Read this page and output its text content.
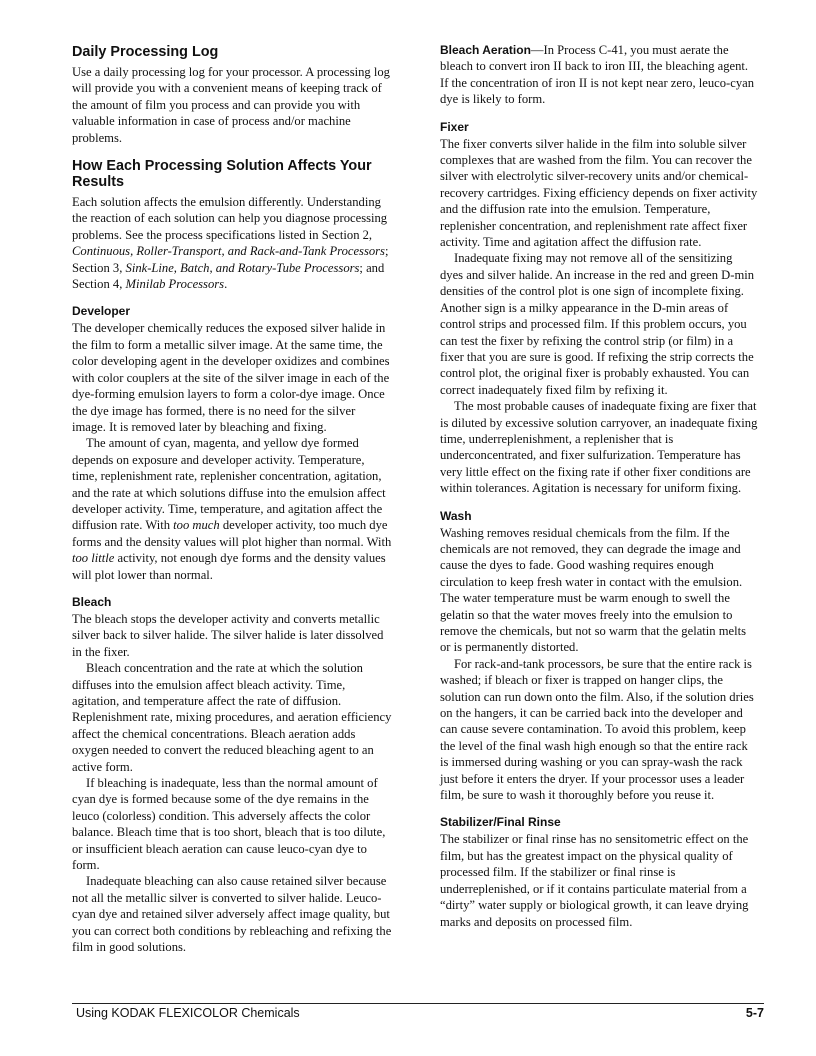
Daily Processing Log

Use a daily processing log for your processor. A processing log will provide you with a convenient means of keeping track of the amount of film you process and can provide you with valuable information in case of process and/or machine problems.

How Each Processing Solution Affects Your Results

Each solution affects the emulsion differently. Understanding the reaction of each solution can help you diagnose processing problems. See the process specifications listed in Section 2, Continuous, Roller-Transport, and Rack-and-Tank Processors; Section 3, Sink-Line, Batch, and Rotary-Tube Processors; and Section 4, Minilab Processors.

Developer

The developer chemically reduces the exposed silver halide in the film to form a metallic silver image. At the same time, the color developing agent in the developer oxidizes and combines with color couplers at the site of the silver image in each of the dye-forming emulsion layers to form a color-dye image. Once the dye image has formed, there is no need for the silver image. It is removed later by bleaching and fixing.

The amount of cyan, magenta, and yellow dye formed depends on exposure and developer activity. Temperature, time, replenishment rate, replenisher concentration, agitation, and the rate at which solutions diffuse into the emulsion affect developer activity. Time, temperature, and agitation affect the diffusion rate. With too much developer activity, too much dye forms and the density values will plot higher than normal. With too little activity, not enough dye forms and the density values will plot lower than normal.

Bleach

The bleach stops the developer activity and converts metallic silver back to silver halide. The silver halide is later dissolved in the fixer.

Bleach concentration and the rate at which the solution diffuses into the emulsion affect bleach activity. Time, agitation, and temperature affect the rate of diffusion. Replenishment rate, mixing procedures, and aeration efficiency affect the chemical concentrations. Bleach aeration adds oxygen needed to convert the reduced bleaching agent to an active form.

If bleaching is inadequate, less than the normal amount of cyan dye is formed because some of the dye remains in the leuco (colorless) condition. This adversely affects the color balance. Bleach time that is too short, bleach that is too dilute, or insufficient bleach aeration can cause leuco-cyan dye to form.

Inadequate bleaching can also cause retained silver because not all the metallic silver is converted to silver halide. Leuco-cyan dye and retained silver adversely affect image quality, but you can correct both conditions by rebleaching and refixing the film in good solutions.

Bleach Aeration—In Process C-41, you must aerate the bleach to convert iron II back to iron III, the bleaching agent. If the concentration of iron II is not kept near zero, leuco-cyan dye is likely to form.

Fixer

The fixer converts silver halide in the film into soluble silver complexes that are washed from the film. You can recover the silver with electrolytic silver-recovery units and/or chemical-recovery cartridges. Fixing efficiency depends on fixer activity and the diffusion rate into the emulsion. Temperature, replenisher concentration, and replenishment rate affect fixer activity. Time and agitation affect the diffusion rate.

Inadequate fixing may not remove all of the sensitizing dyes and silver halide. An increase in the red and green D-min densities of the control plot is one sign of incomplete fixing. Another sign is a milky appearance in the D-min areas of control strips and processed film. If this problem occurs, you can test the fixer by refixing the control strip (or film) in a fixer that you are sure is good. If refixing the strip corrects the control plot, the original fixer is probably exhausted. You can correct inadequately fixed film by refixing it.

The most probable causes of inadequate fixing are fixer that is diluted by excessive solution carryover, an inadequate fixing time, underreplenishment, a replenisher that is underconcentrated, and fixer sulfurization. Temperature has very little effect on the fixing rate if other fixer conditions are within tolerances. Agitation is necessary for uniform fixing.

Wash

Washing removes residual chemicals from the film. If the chemicals are not removed, they can degrade the image and cause the dyes to fade. Good washing requires enough circulation to keep fresh water in contact with the emulsion. The water temperature must be warm enough to swell the gelatin so that the water moves freely into the emulsion to remove the chemicals, but not so warm that the gelatin melts or is permanently distorted.

For rack-and-tank processors, be sure that the entire rack is washed; if bleach or fixer is trapped on hanger clips, the solution can run down onto the film. Also, if the solution dries on the hangers, it can be carried back into the developer and can cause severe contamination. To avoid this problem, keep the level of the final wash high enough so that the entire rack is immersed during washing or you can spray-wash the rack just before it enters the dryer. If your processor uses a leader film, be sure to wash it thoroughly before you reuse it.

Stabilizer/Final Rinse

The stabilizer or final rinse has no sensitometric effect on the film, but has the greatest impact on the physical quality of processed film. If the stabilizer or final rinse is underreplenished, or if it contains particulate material from a “dirty” water supply or biological growth, it can leave drying marks and deposits on processed film.

Using KODAK FLEXICOLOR Chemicals	5-7
